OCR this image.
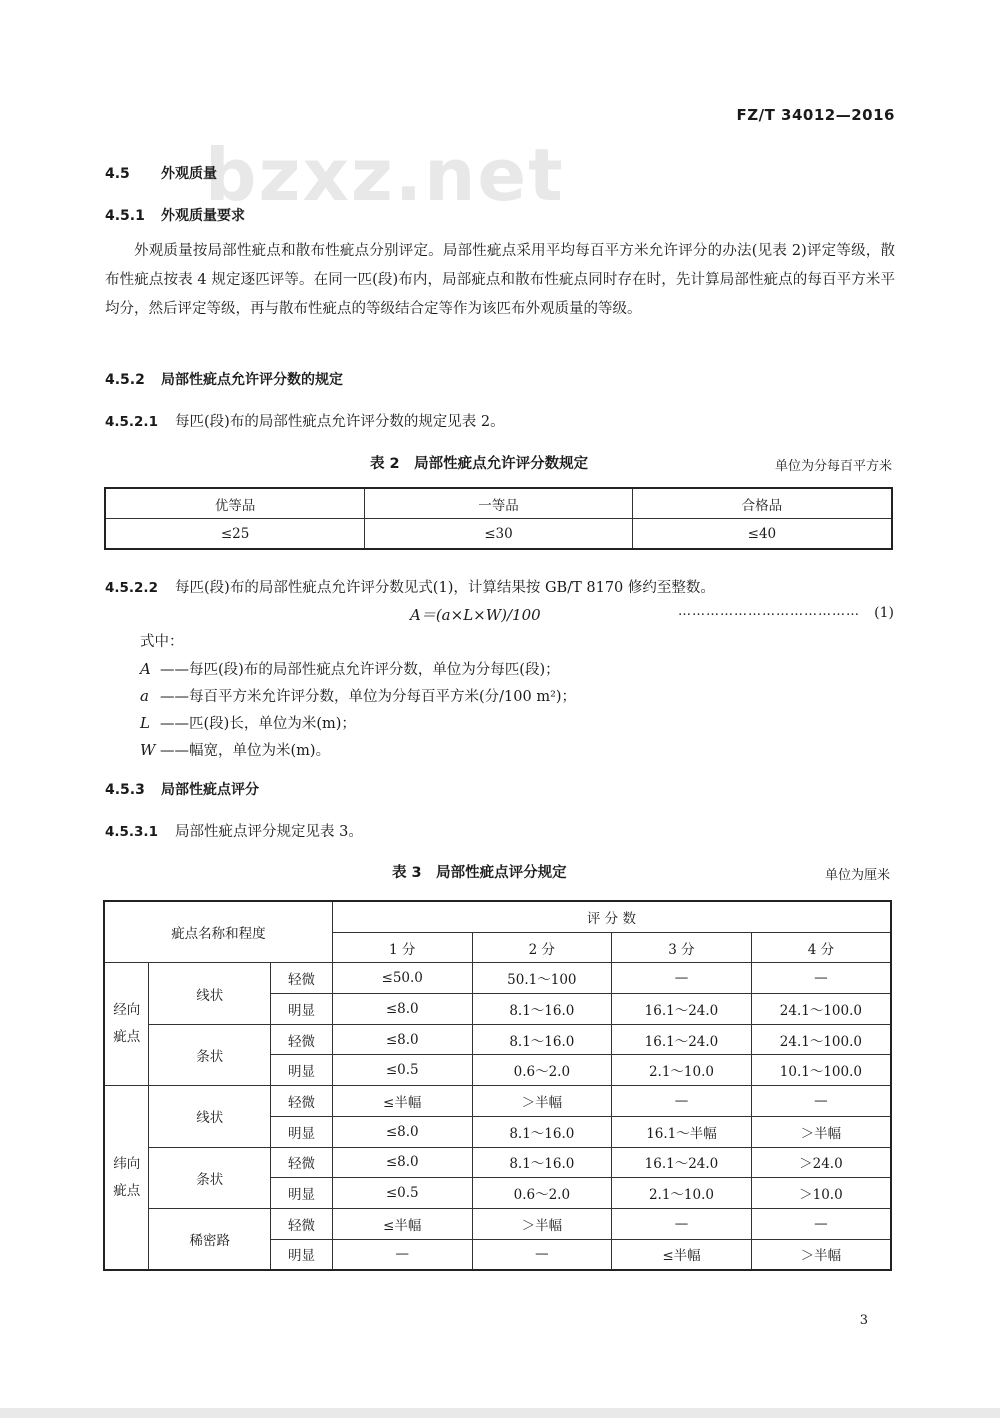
bzxz.net
FZ/T 34012—2016
4.5 外观质量
4.5.1 外观质量要求
外观质量按局部性疵点和散布性疵点分别评定。局部性疵点采用平均每百平方米允许评分的办法(见表 2)评定等级，散布性疵点按表 4 规定逐匹评等。在同一匹(段)布内，局部疵点和散布性疵点同时存在时，先计算局部性疵点的每百平方米平均分，然后评定等级，再与散布性疵点的等级结合定等作为该匹布外观质量的等级。
4.5.2 局部性疵点允许评分数的规定
4.5.2.1 每匹(段)布的局部性疵点允许评分数的规定见表 2。
表 2　局部性疵点允许评分数规定	单位为分每百平方米
优等品	一等品	合格品
≤25	≤30	≤40
4.5.2.2 每匹(段)布的局部性疵点允许评分数见式(1)，计算结果按 GB/T 8170 修约至整数。
A＝(a×L×W)/100	………………………………… (1)
式中：
A ——每匹(段)布的局部性疵点允许评分数，单位为分每匹(段)；
a ——每百平方米允许评分数，单位为分每百平方米(分/100 m²)；
L ——匹(段)长，单位为米(m)；
W ——幅宽，单位为米(m)。
4.5.3 局部性疵点评分
4.5.3.1 局部性疵点评分规定见表 3。
表 3　局部性疵点评分规定	单位为厘米
疵点名称和程度			评 分 数			
			1 分	2 分	3 分	4 分
经向疵点	线状	轻微	≤50.0	50.1～100	—	—
		明显	≤8.0	8.1～16.0	16.1～24.0	24.1～100.0
	条状	轻微	≤8.0	8.1～16.0	16.1～24.0	24.1～100.0
		明显	≤0.5	0.6～2.0	2.1～10.0	10.1～100.0
纬向疵点	线状	轻微	≤半幅	＞半幅	—	—
		明显	≤8.0	8.1～16.0	16.1～半幅	＞半幅
	条状	轻微	≤8.0	8.1～16.0	16.1～24.0	＞24.0
		明显	≤0.5	0.6～2.0	2.1～10.0	＞10.0
	稀密路	轻微	≤半幅	＞半幅	—	—
		明显	—	—	≤半幅	＞半幅
3
